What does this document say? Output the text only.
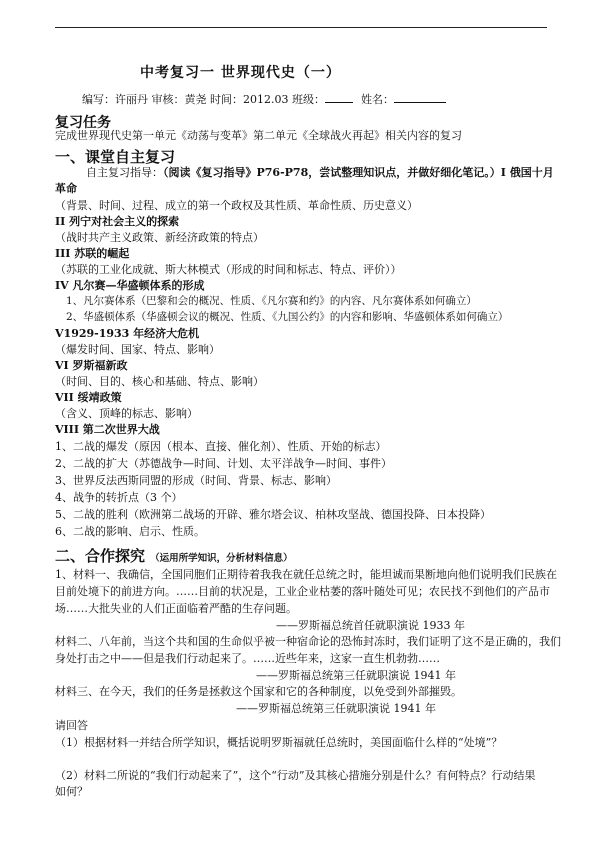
中考复习一 世界现代史（一）
编写：许丽丹 审核：黄尧 时间：2012.03 班级：	姓名：
复习任务
完成世界现代史第一单元《动荡与变革》第二单元《全球战火再起》相关内容的复习
一、课堂自主复习
自主复习指导：（阅读《复习指导》P76-P78，尝试整理知识点，并做好细化笔记。）I 俄国十月
革命
（背景、时间、过程、成立的第一个政权及其性质、革命性质、历史意义）
II 列宁对社会主义的探索
（战时共产主义政策、新经济政策的特点）
III 苏联的崛起
（苏联的工业化成就、斯大林模式（形成的时间和标志、特点、评价））
IV 凡尔赛—华盛顿体系的形成
1、凡尔赛体系（巴黎和会的概况、性质、《凡尔赛和约》的内容、凡尔赛体系如何确立）
2、华盛顿体系（华盛顿会议的概况、性质、《九国公约》的内容和影响、华盛顿体系如何确立）
V1929-1933 年经济大危机
（爆发时间、国家、特点、影响）
VI 罗斯福新政
（时间、目的、核心和基础、特点、影响）
VII 绥靖政策
（含义、顶峰的标志、影响）
VIII 第二次世界大战
1、二战的爆发（原因（根本、直接、催化剂）、性质、开始的标志）
2、二战的扩大（苏德战争—时间、计划、太平洋战争—时间、事件）
3、世界反法西斯同盟的形成（时间、背景、标志、影响）
4、战争的转折点（3 个）
5、二战的胜利（欧洲第二战场的开辟、雅尔塔会议、柏林攻坚战、德国投降、日本投降）
6、二战的影响、启示、性质。
二、合作探究 （运用所学知识，分析材料信息）
1、材料一、我确信，全国同胞们正期待着我我在就任总统之时，能坦诚而果断地向他们说明我们民族在
目前处境下的前进方向。……目前的状况是，工业企业枯萎的落叶随处可见；农民找不到他们的产品市
场……大批失业的人们正面临着严酷的生存问题。
——罗斯福总统首任就职演说 1933 年
材料二、八年前，当这个共和国的生命似乎被一种宿命论的恐怖封冻时，我们证明了这不是正确的，我们
身处打击之中——但是我们行动起来了。……近些年来，这家一直生机勃勃……
——罗斯福总统第三任就职演说 1941 年
材料三、在今天，我们的任务是拯救这个国家和它的各种制度，以免受到外部摧毁。
——罗斯福总统第三任就职演说 1941 年
请回答
（1）根据材料一并结合所学知识，概括说明罗斯福就任总统时，美国面临什么样的“处境”？
（2）材料二所说的“我们行动起来了”，这个“行动”及其核心措施分别是什么？有何特点？行动结果
如何？
